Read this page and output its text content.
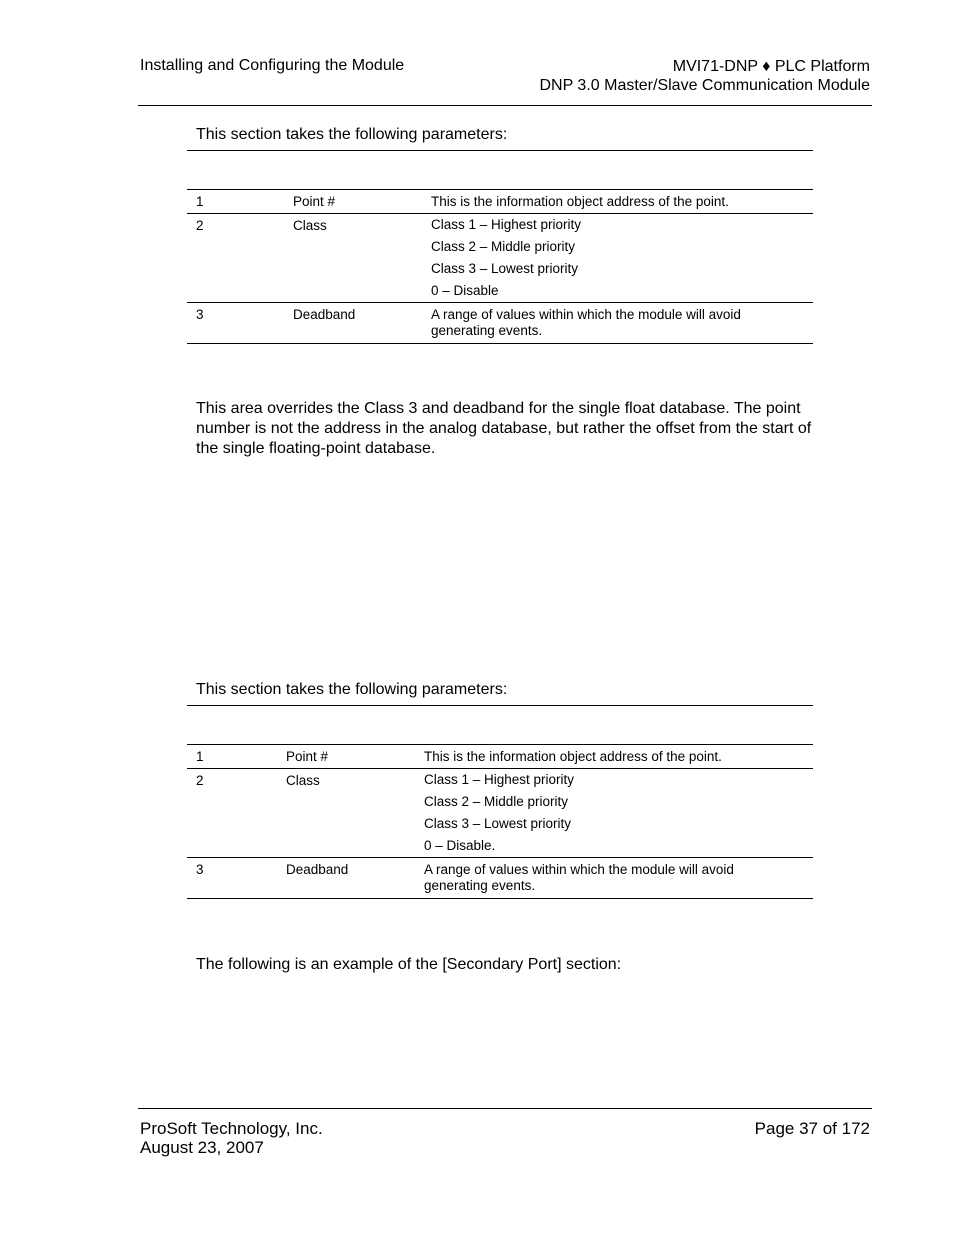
Installing and Configuring the Module	MVI71-DNP ♦ PLC Platform
DNP 3.0 Master/Slave Communication Module
This section takes the following parameters:
1	Point #	This is the information object address of the point.
2	Class	Class 1 – Highest priority
Class 2 – Middle priority
Class 3 – Lowest priority
0 – Disable

3	Deadband	A range of values within which the module will avoid generating events.
This area overrides the Class 3 and deadband for the single float database. The point number is not the address in the analog database, but rather the offset from the start of the single floating-point database.
This section takes the following parameters:
1	Point #	This is the information object address of the point.
2	Class	Class 1 – Highest priority
Class 2 – Middle priority
Class 3 – Lowest priority
0 – Disable.

3	Deadband	A range of values within which the module will avoid generating events.
The following is an example of the [Secondary Port] section:
ProSoft Technology, Inc.
August 23, 2007
Page 37 of 172
